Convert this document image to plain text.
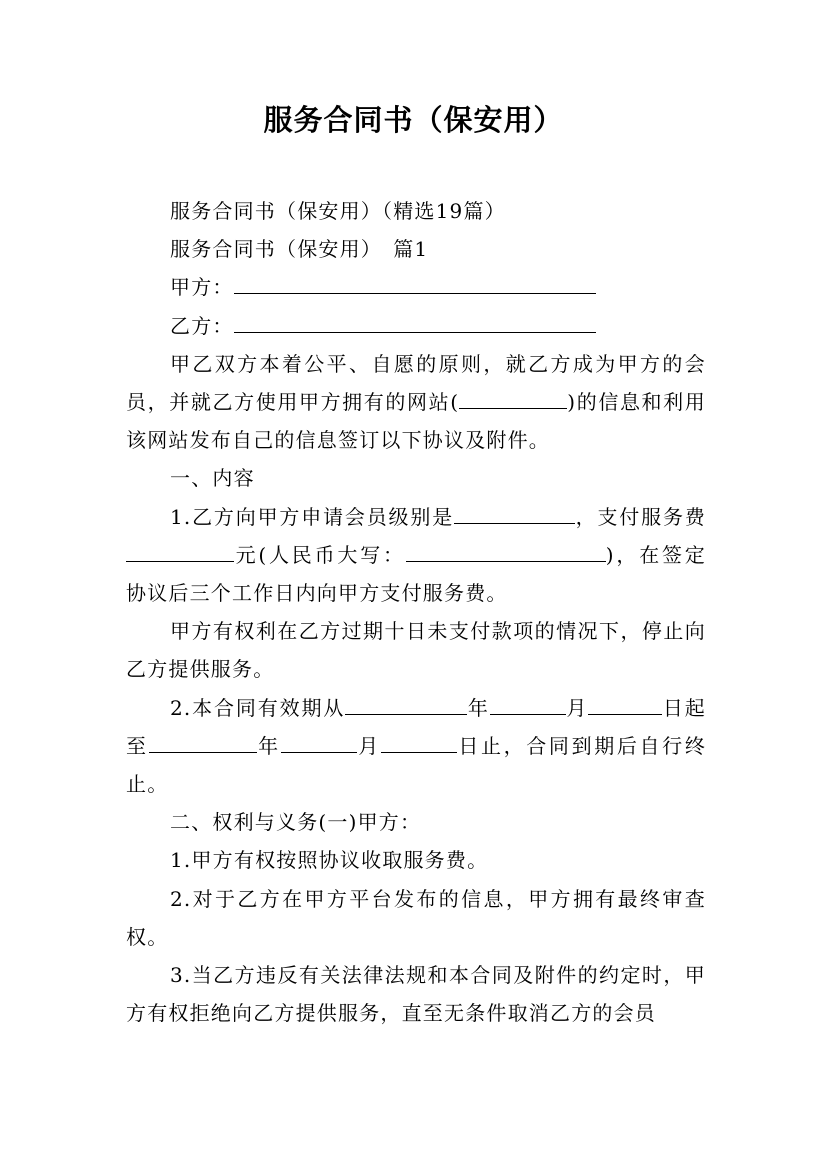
服务合同书（保安用）

服务合同书（保安用）（精选19篇）

服务合同书（保安用）　篇1

甲方：

乙方：

甲乙双方本着公平、自愿的原则，就乙方成为甲方的会员，并就乙方使用甲方拥有的网站(	)的信息和利用该网站发布自己的信息签订以下协议及附件。

一、内容

1.乙方向甲方申请会员级别是	，支付服务费元(人民币大写：	)，在签定协议后三个工作日内向甲方支付服务费。

甲方有权利在乙方过期十日未支付款项的情况下，停止向乙方提供服务。

2.本合同有效期从	年	月	日起至	年	月	日止，合同到期后自行终止。

二、权利与义务(一)甲方：

1.甲方有权按照协议收取服务费。

2.对于乙方在甲方平台发布的信息，甲方拥有最终审查权。

3.当乙方违反有关法律法规和本合同及附件的约定时，甲方有权拒绝向乙方提供服务，直至无条件取消乙方的会员
